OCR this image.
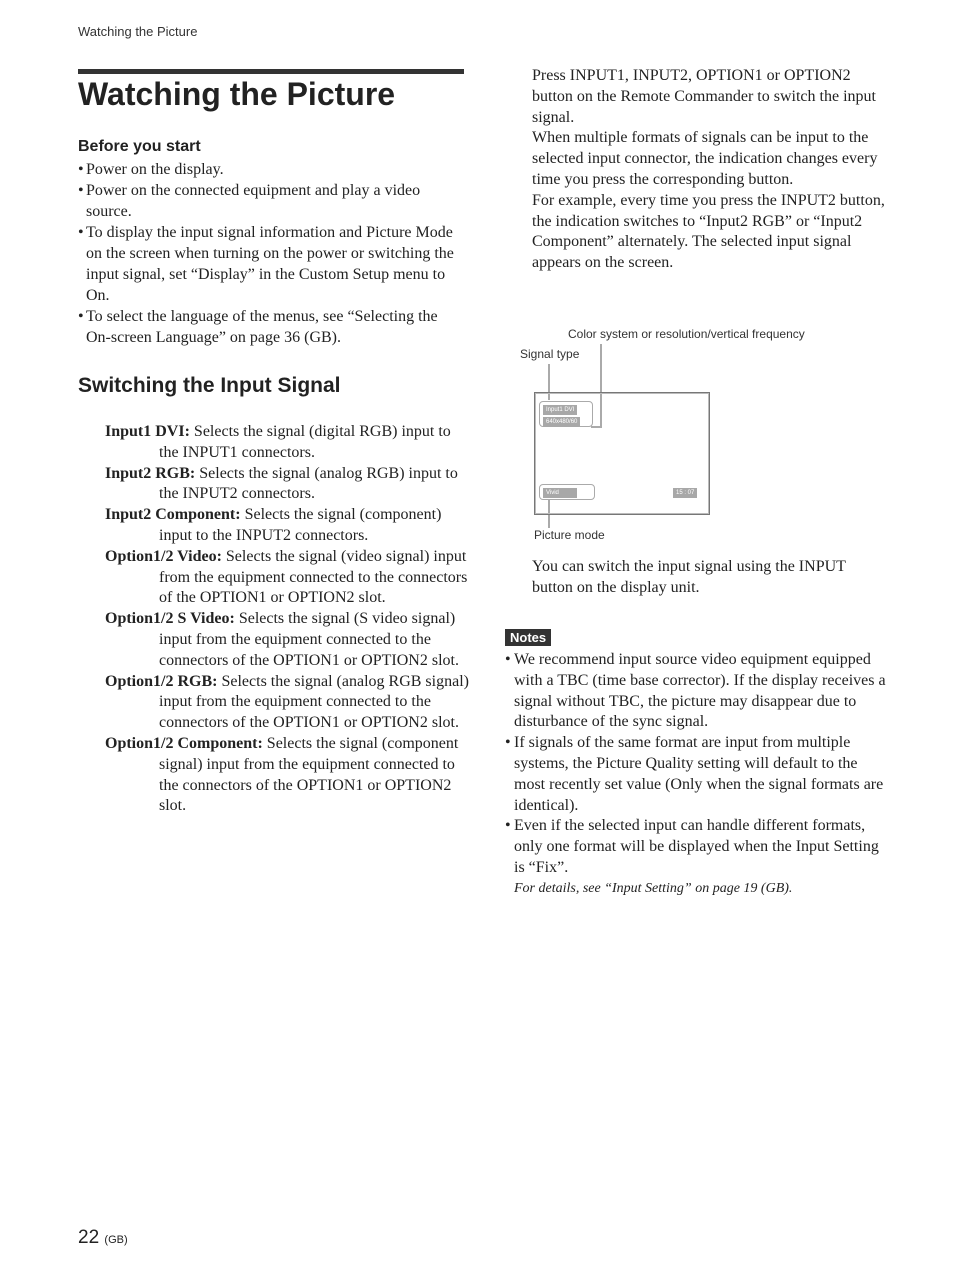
Watching the Picture
Watching the Picture
Before you start
• Power on the display.
• Power on the connected equipment and play a video source.
• To display the input signal information and Picture Mode on the screen when turning on the power or switching the input signal, set “Display” in the Custom Setup menu to On.
• To select the language of the menus, see “Selecting the On-screen Language” on page 36 (GB).
Switching the Input Signal

Input1 DVI: Selects the signal (digital RGB) input to the INPUT1 connectors.

Input2 RGB: Selects the signal (analog RGB) input to the INPUT2 connectors.

Input2 Component: Selects the signal (component) input to the INPUT2 connectors.

Option1/2 Video: Selects the signal (video signal) input from the equipment connected to the connectors of the OPTION1 or OPTION2 slot.

Option1/2 S Video: Selects the signal (S video signal) input from the equipment connected to the connectors of the OPTION1 or OPTION2 slot.

Option1/2 RGB: Selects the signal (analog RGB signal) input from the equipment connected to the connectors of the OPTION1 or OPTION2 slot.

Option1/2 Component: Selects the signal (component signal) input from the equipment connected to the connectors of the OPTION1 or OPTION2 slot.

Press INPUT1, INPUT2, OPTION1 or OPTION2 button on the Remote Commander to switch the input signal.

When multiple formats of signals can be input to the selected input connector, the indication changes every time you press the corresponding button.

For example, every time you press the INPUT2 button, the indication switches to “Input2 RGB” or “Input2 Component” alternately. The selected input signal appears on the screen.

Color system or resolution/vertical frequency
Signal type
Picture mode
Input1 DVI
640x480/60
Vivid	15 : 07

You can switch the input signal using the INPUT button on the display unit.

Notes
• We recommend input source video equipment equipped with a TBC (time base corrector). If the display receives a signal without TBC, the picture may disappear due to disturbance of the sync signal.
• If signals of the same format are input from multiple systems, the Picture Quality setting will default to the most recently set value (Only when the signal formats are identical).
• Even if the selected input can handle different formats, only one format will be displayed when the Input Setting is “Fix”.
For details, see “Input Setting” on page 19 (GB).
22 (GB)
